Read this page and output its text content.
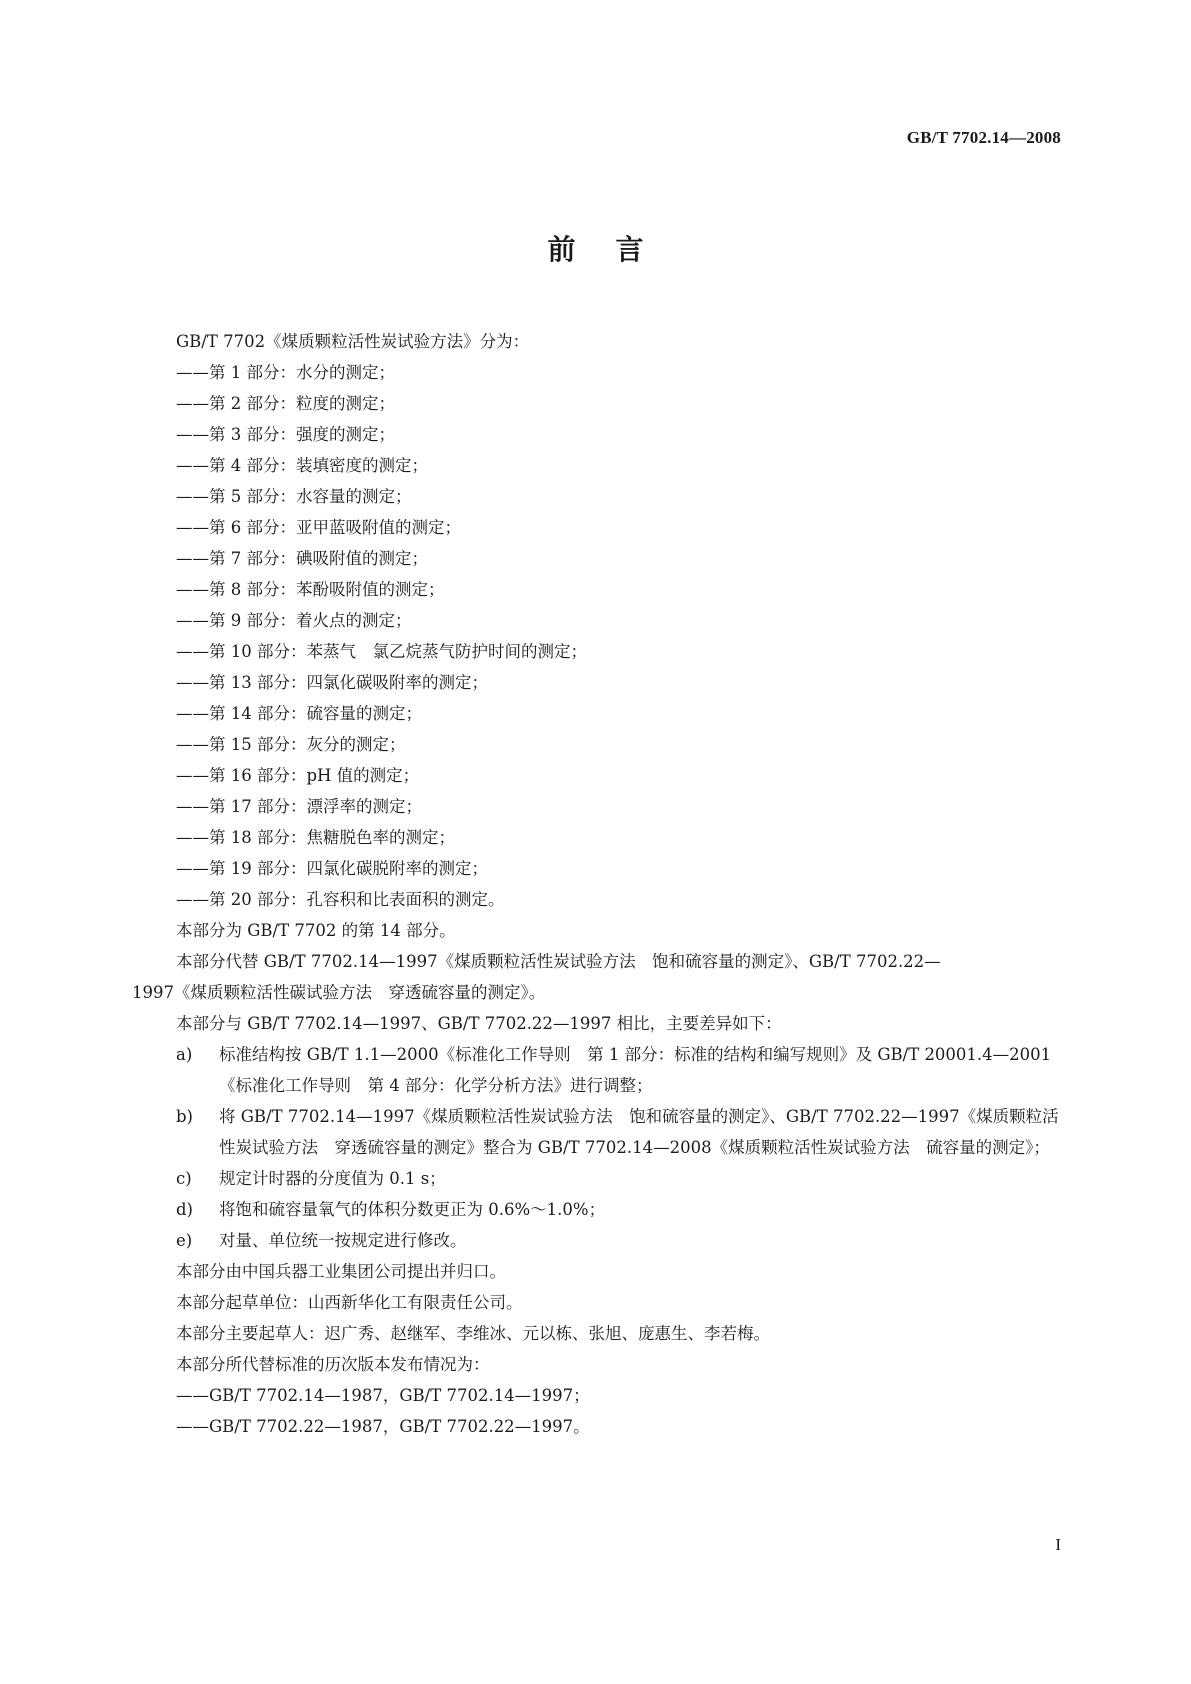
GB/T 7702.14—2008
前言
GB/T 7702《煤质颗粒活性炭试验方法》分为：
——第 1 部分：水分的测定；
——第 2 部分：粒度的测定；
——第 3 部分：强度的测定；
——第 4 部分：装填密度的测定；
——第 5 部分：水容量的测定；
——第 6 部分：亚甲蓝吸附值的测定；
——第 7 部分：碘吸附值的测定；
——第 8 部分：苯酚吸附值的测定；
——第 9 部分：着火点的测定；
——第 10 部分：苯蒸气　氯乙烷蒸气防护时间的测定；
——第 13 部分：四氯化碳吸附率的测定；
——第 14 部分：硫容量的测定；
——第 15 部分：灰分的测定；
——第 16 部分：pH 值的测定；
——第 17 部分：漂浮率的测定；
——第 18 部分：焦糖脱色率的测定；
——第 19 部分：四氯化碳脱附率的测定；
——第 20 部分：孔容积和比表面积的测定。
本部分为 GB/T 7702 的第 14 部分。
本部分代替 GB/T 7702.14—1997《煤质颗粒活性炭试验方法　饱和硫容量的测定》、GB/T 7702.22—
1997《煤质颗粒活性碳试验方法　穿透硫容量的测定》。
本部分与 GB/T 7702.14—1997、GB/T 7702.22—1997 相比，主要差异如下：
a) 标准结构按 GB/T 1.1—2000《标准化工作导则　第 1 部分：标准的结构和编写规则》及 GB/T 20001.4—2001《标准化工作导则　第 4 部分：化学分析方法》进行调整；
b) 将 GB/T 7702.14—1997《煤质颗粒活性炭试验方法　饱和硫容量的测定》、GB/T 7702.22—1997《煤质颗粒活性炭试验方法　穿透硫容量的测定》整合为 GB/T 7702.14—2008《煤质颗粒活性炭试验方法　硫容量的测定》；
c) 规定计时器的分度值为 0.1 s；
d) 将饱和硫容量氧气的体积分数更正为 0.6%～1.0%；
e) 对量、单位统一按规定进行修改。
本部分由中国兵器工业集团公司提出并归口。
本部分起草单位：山西新华化工有限责任公司。
本部分主要起草人：迟广秀、赵继军、李维冰、元以栋、张旭、庞惠生、李若梅。
本部分所代替标准的历次版本发布情况为：
——GB/T 7702.14—1987，GB/T 7702.14—1997；
——GB/T 7702.22—1987，GB/T 7702.22—1997。
I
